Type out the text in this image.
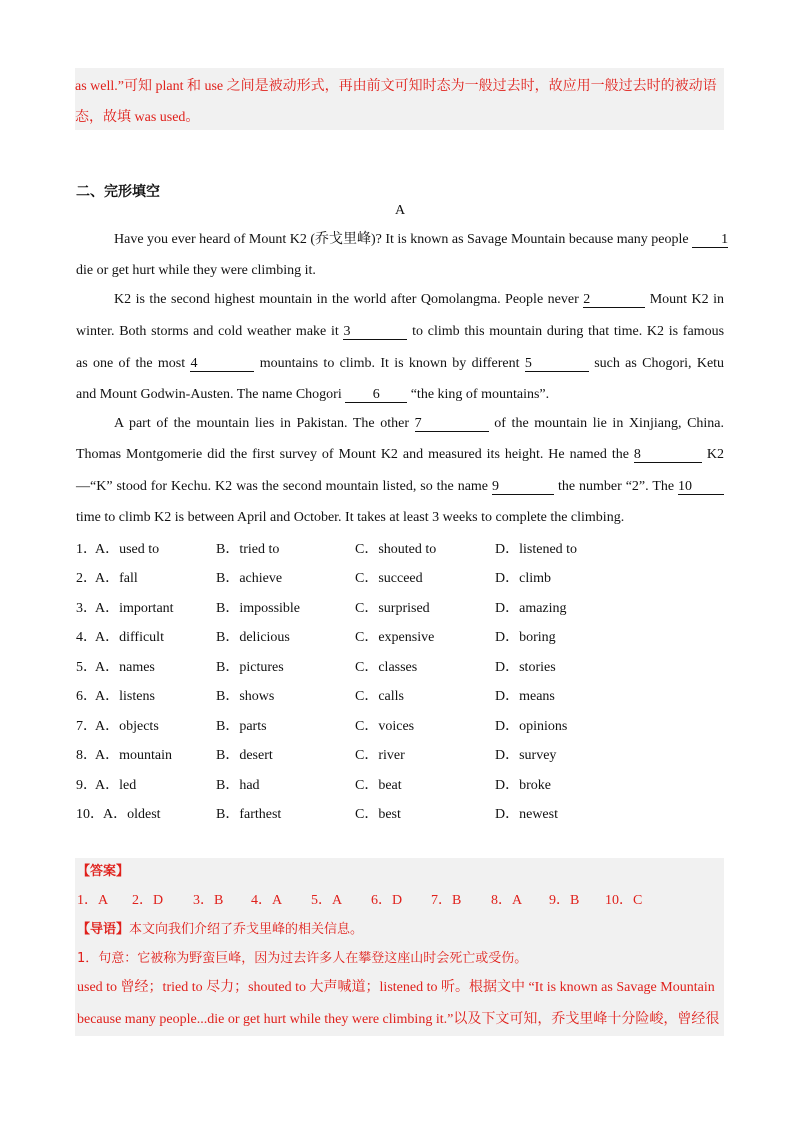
as well.”可知 plant 和 use 之间是被动形式，再由前文可知时态为一般过去时，故应用一般过去时的被动语

态，故填 was used。

二、完形填空
A
Have you ever heard of Mount K2 (乔戈里峰)? It is known as Savage Mountain because many people 1
die or get hurt while they were climbing it.
K2 is the second highest mountain in the world after Qomolangma. People never 2	Mount K2 in
winter. Both storms and cold weather make it 3	to climb this mountain during that time. K2 is famous
as one of the most 4	mountains to climb. It is known by different 5	such as Chogori, Ketu
and Mount Godwin-Austen. The name Chogori 6 “the king of mountains”.
A part of the mountain lies in Pakistan. The other 7	of the mountain lie in Xinjiang, China.
Thomas Montgomerie did the first survey of Mount K2 and measured its height. He named the 8	K2
—“K” stood for Kechu. K2 was the second mountain listed, so the name 9	the number “2”. The 10
time to climb K2 is between April and October. It takes at least 3 weeks to complete the climbing.
1．
A．used to	B．tried to	C．shouted to	D．listened to
2．
A．fall	B．achieve	C．succeed	D．climb
3．
A．important	B．impossible	C．surprised	D．amazing
4．
A．difficult	B．delicious	C．expensive	D．boring
5．
A．names	B．pictures	C．classes	D．stories
6．
A．listens	B．shows	C．calls	D．means
7．
A．objects	B．parts	C．voices	D．opinions
8．
A．mountain	B．desert	C．river	D．survey
9．
A．led	B．had	C．beat	D．broke
10． A．oldest	B．farthest	C．best	D．newest
【答案】
1．A 2．D 3．B 4．A 5．A 6．D 7．B 8．A 9．B 10．C
【导语】本文向我们介绍了乔戈里峰的相关信息。
1．句意：它被称为野蛮巨峰，因为过去许多人在攀登这座山时会死亡或受伤。
used to 曾经；tried to 尽力；shouted to 大声喊道；listened to 听。根据文中 “It is known as Savage Mountain
because many people...die or get hurt while they were climbing it.”以及下文可知，乔戈里峰十分险峻，曾经很
